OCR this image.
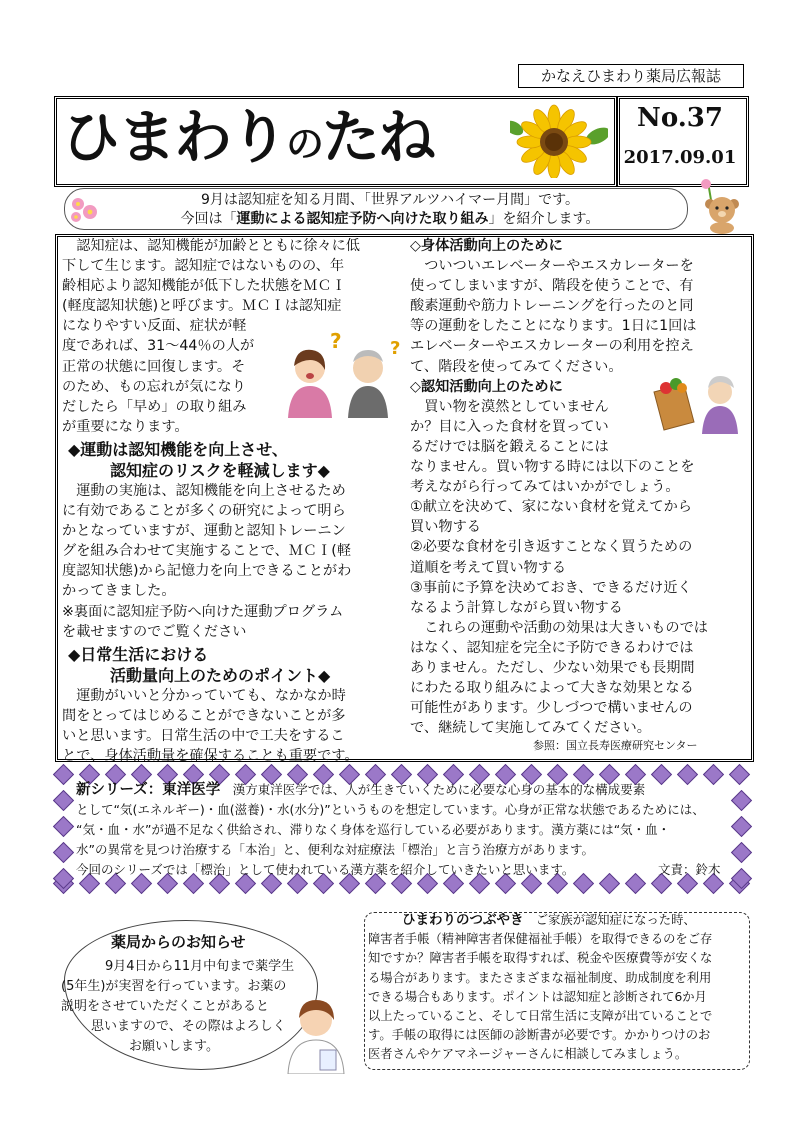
かなえひまわり薬局広報誌
ひまわりのたね	No.37
2017.09.01
9月は認知症を知る月間、「世界アルツハイマー月間」です。
今回は「運動による認知症予防へ向けた取り組み」を紹介します。
　認知症は、認知機能が加齢とともに徐々に低
下して生じます。認知症ではないものの、年
齢相応より認知機能が低下した状態をＭＣＩ
(軽度認知状態)と呼びます。ＭＣＩは認知症
になりやすい反面、症状が軽
度であれば、31～44％の人が
正常の状態に回復します。そ
のため、もの忘れが気になり
だしたら「早め」の取り組み
が重要になります。
◆運動は認知機能を向上させ、
認知症のリスクを軽減します◆
　運動の実施は、認知機能を向上させるため
に有効であることが多くの研究によって明ら
かとなっていますが、運動と認知トレーニン
グを組み合わせて実施することで、ＭＣＩ(軽
度認知状態)から記憶力を向上できることがわ
かってきました。
※裏面に認知症予防へ向けた運動プログラム
を載せますのでご覧ください
◆日常生活における
活動量向上のためのポイント◆
　運動がいいと分かっていても、なかなか時
間をとってはじめることができないことが多
いと思います。日常生活の中で工夫をするこ
とで、身体活動量を確保することも重要です。
?	?
◇身体活動向上のために
　ついついエレベーターやエスカレーターを
使ってしまいますが、階段を使うことで、有
酸素運動や筋力トレーニングを行ったのと同
等の運動をしたことになります。1日に1回は
エレベーターやエスカレーターの利用を控え
て、階段を使ってみてください。
◇認知活動向上のために
　買い物を漠然としていません
か？目に入った食材を買ってい
るだけでは脳を鍛えることには
なりません。買い物する時には以下のことを
考えながら行ってみてはいかがでしょう。
①献立を決めて、家にない食材を覚えてから
買い物する
②必要な食材を引き返すことなく買うための
道順を考えて買い物する
③事前に予算を決めておき、できるだけ近く
なるよう計算しながら買い物する
　これらの運動や活動の効果は大きいものでは
はなく、認知症を完全に予防できるわけでは
ありません。ただし、少ない効果でも長期間
にわたる取り組みによって大きな効果となる
可能性があります。少しづつで構いませんの
で、継続して実施してみてください。
参照：国立長寿医療研究センター
新シリーズ：東洋医学　漢方東洋医学では、人が生きていくために必要な心身の基本的な構成要素
として“気(エネルギー)・血(滋養)・水(水分)”というものを想定しています。心身が正常な状態であるためには、
“気・血・水”が過不足なく供給され、滞りなく身体を巡行している必要があります。漢方薬には“気・血・
水”の異常を見つけ治療する「本治」と、便利な対症療法「標治」と言う治療方があります。
今回のシリーズでは「標治」として使われている漢方薬を紹介していきたいと思います。	文責：鈴木
薬局からのお知らせ
9月4日から11月中旬まで薬学生
(5年生)が実習を行っています。お薬の
説明をさせていただくことがあると
思いますので、その際はよろしく
お願いします。
ひまわりのつぶやき　ご家族が認知症になった時、
障害者手帳（精神障害者保健福祉手帳）を取得できるのをご存
知ですか？障害者手帳を取得すれば、税金や医療費等が安くな
る場合があります。またさまざまな福祉制度、助成制度を利用
できる場合もあります。ポイントは認知症と診断されて6か月
以上たっていること、そして日常生活に支障が出ていることで
す。手帳の取得には医師の診断書が必要です。かかりつけのお
医者さんやケアマネージャーさんに相談してみましょう。
